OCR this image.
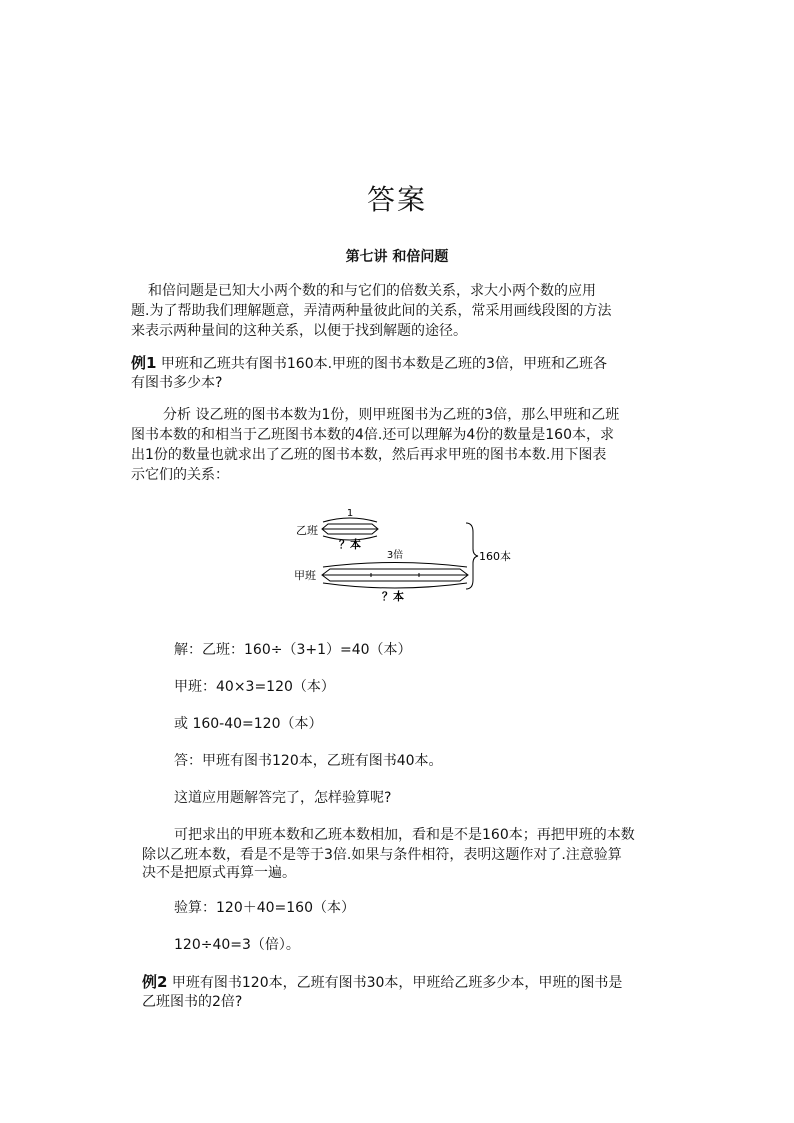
答案
第七讲 和倍问题
和倍问题是已知大小两个数的和与它们的倍数关系，求大小两个数的应用
题.为了帮助我们理解题意，弄清两种量彼此间的关系，常采用画线段图的方法
来表示两种量间的这种关系，以便于找到解题的途径。
例1 甲班和乙班共有图书160本.甲班的图书本数是乙班的3倍，甲班和乙班各
有图书多少本?
分析 设乙班的图书本数为1份，则甲班图书为乙班的3倍，那么甲班和乙班
图书本数的和相当于乙班图书本数的4倍.还可以理解为4份的数量是160本，求
出1份的数量也就求出了乙班的图书本数，然后再求甲班的图书本数.用下图表
示它们的关系：
乙班
1
？本
3倍
甲班
？本
160本
解：乙班：160÷（3+1）=40（本）
甲班：40×3=120（本）
或 160-40=120（本）
答：甲班有图书120本，乙班有图书40本。
这道应用题解答完了，怎样验算呢?
可把求出的甲班本数和乙班本数相加，看和是不是160本；再把甲班的本数
除以乙班本数，看是不是等于3倍.如果与条件相符，表明这题作对了.注意验算
决不是把原式再算一遍。
验算：120＋40=160（本）
120÷40=3（倍）。
例2 甲班有图书120本，乙班有图书30本，甲班给乙班多少本，甲班的图书是
乙班图书的2倍?
